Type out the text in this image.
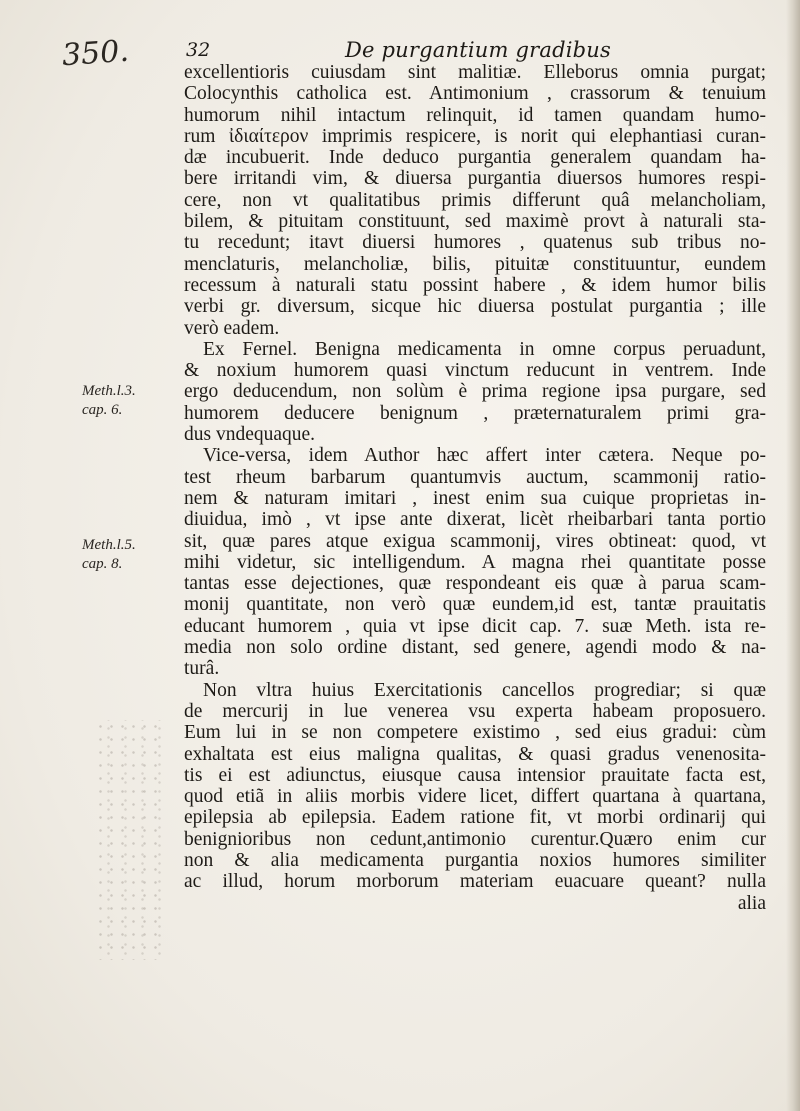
350.	32	De purgantium gradibus
Meth.l.3.
cap. 6.
Meth.l.5.
cap. 8.
excellentioris cuiusdam sint malitiæ. Elleborus omnia purgat;
Colocynthis catholica est. Antimonium , crassorum & tenuium
humorum nihil intactum relinquit, id tamen quandam humo-
rum ἰδιαίτερον imprimis respicere, is norit qui elephantiasi curan-
dæ incubuerit. Inde deduco purgantia generalem quandam ha-
bere irritandi vim, & diuersa purgantia diuersos humores respi-
cere, non vt qualitatibus primis differunt quâ melancholiam,
bilem, & pituitam constituunt, sed maximè provt à naturali sta-
tu recedunt; itavt diuersi humores , quatenus sub tribus no-
menclaturis, melancholiæ, bilis, pituitæ constituuntur, eundem
recessum à naturali statu possint habere , & idem humor bilis
verbi gr. diversum, sicque hic diuersa postulat purgantia ; ille
verò eadem.
Ex Fernel. Benigna medicamenta in omne corpus peruadunt,
& noxium humorem quasi vinctum reducunt in ventrem. Inde
ergo deducendum, non solùm è prima regione ipsa purgare, sed
humorem deducere benignum , præternaturalem primi gra-
dus vndequaque.
Vice-versa, idem Author hæc affert inter cætera. Neque po-
test rheum barbarum quantumvis auctum, scammonij ratio-
nem & naturam imitari , inest enim sua cuique proprietas in-
diuidua, imò , vt ipse ante dixerat, licèt rheibarbari tanta portio
sit, quæ pares atque exigua scammonij, vires obtineat: quod, vt
mihi videtur, sic intelligendum. A magna rhei quantitate posse
tantas esse dejectiones, quæ respondeant eis quæ à parua scam-
monij quantitate, non verò quæ eundem,id est, tantæ prauitatis
educant humorem , quia vt ipse dicit cap. 7. suæ Meth. ista re-
media non solo ordine distant, sed genere, agendi modo & na-
turâ.
Non vltra huius Exercitationis cancellos progrediar; si quæ
de mercurij in lue venerea vsu experta habeam proposuero.
Eum lui in se non competere existimo , sed eius gradui: cùm
exhaltata est eius maligna qualitas, & quasi gradus venenosita-
tis ei est adiunctus, eiusque causa intensior prauitate facta est,
quod etiã in aliis morbis videre licet, differt quartana à quartana,
epilepsia ab epilepsia. Eadem ratione fit, vt morbi ordinarij qui
benignioribus non cedunt,antimonio curentur.Quæro enim cur
non & alia medicamenta purgantia noxios humores similiter
ac illud, horum morborum materiam euacuare queant? nulla
alia
